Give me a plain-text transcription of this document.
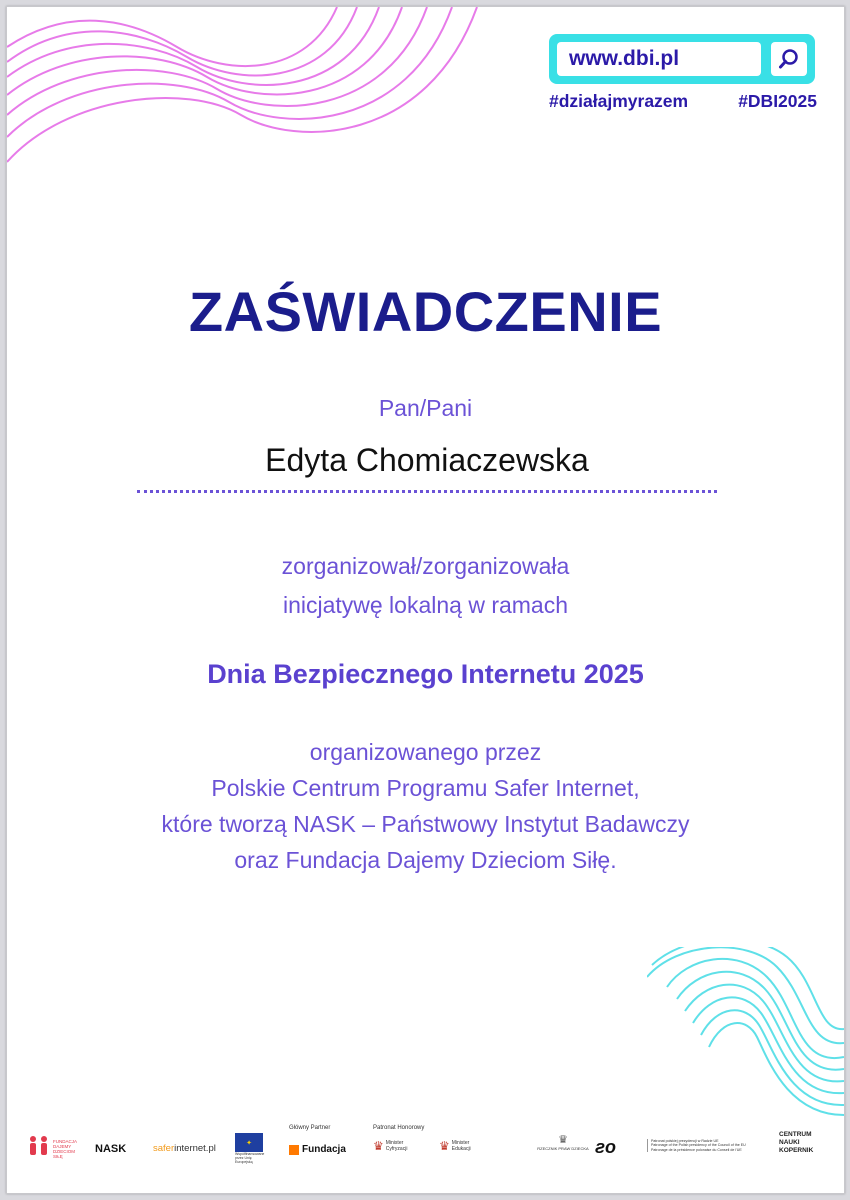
www.dbi.pl
#działajmyrazem	#DBI2025
ZAŚWIADCZENIE
Pan/Pani
Edyta Chomiaczewska
zorganizował/zorganizowała
inicjatywę lokalną w ramach
Dnia Bezpiecznego Internetu 2025
organizowanego przez
Polskie Centrum Programu Safer Internet,
które tworzą NASK – Państwowy Instytut Badawczy
oraz Fundacja Dajemy Dzieciom Siłę.
FUNDACJA DAJEMY DZIECIOM SIŁĘ
NASK	saferinternet.pl	✦
Współfinansowane przez Unię Europejską
Główny Partner
Fundacja
Patronat Honorowy
♛ Minister Cyfryzacji	♛ Minister Edukacji
♛
RZECZNIK PRAW DZIECKA ƨo	Patronat polskiej prezydencji w Radzie UE
Patronage of the Polish presidency of the Council of the EU
Patronage de la présidence polonaise du Conseil de l'UE
CENTRUM
NAUKI
KOPERNIK
